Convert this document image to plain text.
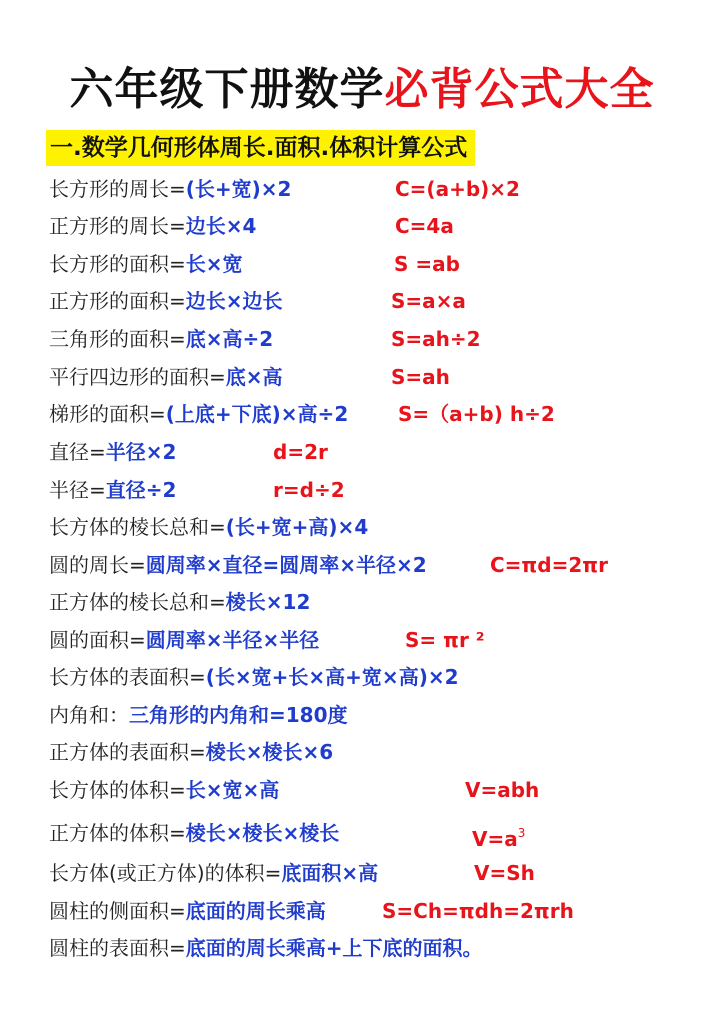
六年级下册数学必背公式大全
一.数学几何形体周长.面积.体积计算公式
长方形的周长=(长+宽)×2	C=(a+b)×2
正方形的周长=边长×4	C=4a
长方形的面积=长×宽	S =ab
正方形的面积=边长×边长	S=a×a
三角形的面积=底×高÷2	S=ah÷2
平行四边形的面积=底×高	S=ah
梯形的面积=(上底+下底)×高÷2 S=（a+b) h÷2
直径=半径×2	d=2r
半径=直径÷2	r=d÷2
长方体的棱长总和=(长+宽+高)×4
圆的周长=圆周率×直径=圆周率×半径×2	C=πd=2πr
正方体的棱长总和=棱长×12
圆的面积=圆周率×半径×半径	S= πr ²
长方体的表面积=(长×宽+长×高+宽×高)×2
内角和：三角形的内角和=180度
正方体的表面积=棱长×棱长×6
长方体的体积=长×宽×高	V=abh
正方体的体积=棱长×棱长×棱长	$V=a^3$
长方体(或正方体)的体积=底面积×高	V=Sh
圆柱的侧面积=底面的周长乘高	S=Ch=πdh=2πrh
圆柱的表面积=底面的周长乘高+上下底的面积。
